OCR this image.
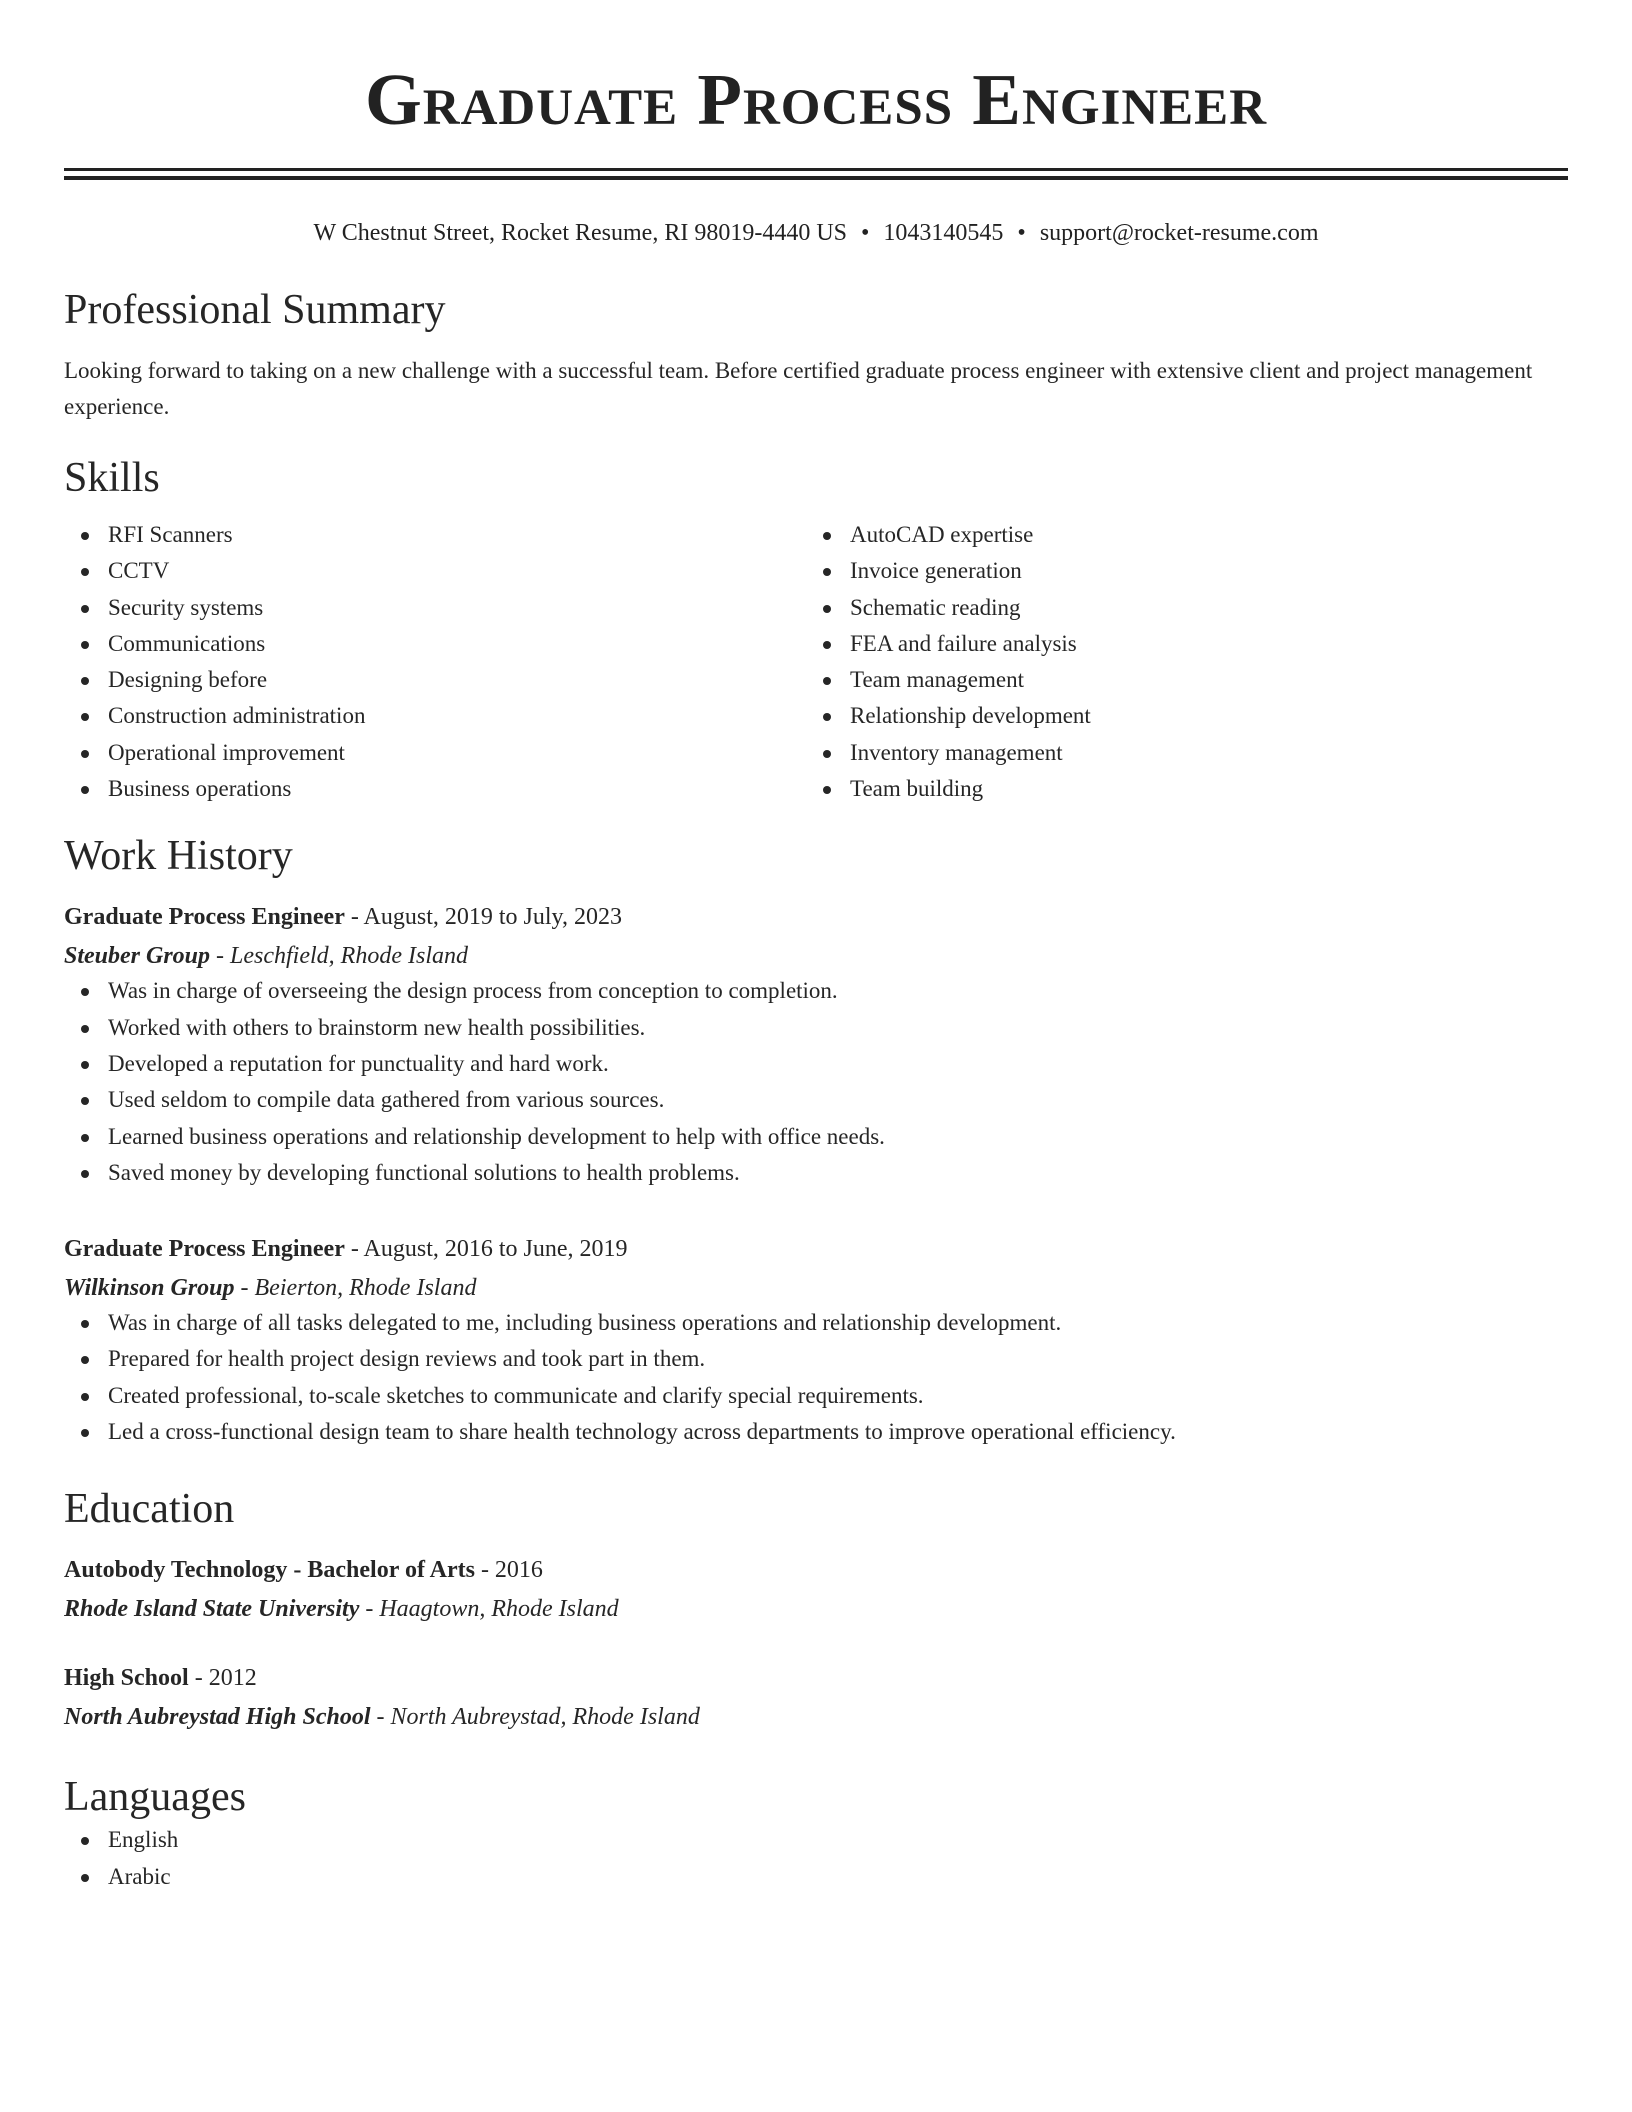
Graduate Process Engineer
W Chestnut Street, Rocket Resume, RI 98019-4440 US • 1043140545 • support@rocket-resume.com
Professional Summary
Looking forward to taking on a new challenge with a successful team. Before certified graduate process engineer with extensive client and project management experience.
Skills
RFI Scanners
CCTV
Security systems
Communications
Designing before
Construction administration
Operational improvement
Business operations
AutoCAD expertise
Invoice generation
Schematic reading
FEA and failure analysis
Team management
Relationship development
Inventory management
Team building
Work History
Graduate Process Engineer - August, 2019 to July, 2023
Steuber Group - Leschfield, Rhode Island
Was in charge of overseeing the design process from conception to completion.
Worked with others to brainstorm new health possibilities.
Developed a reputation for punctuality and hard work.
Used seldom to compile data gathered from various sources.
Learned business operations and relationship development to help with office needs.
Saved money by developing functional solutions to health problems.
Graduate Process Engineer - August, 2016 to June, 2019
Wilkinson Group - Beierton, Rhode Island
Was in charge of all tasks delegated to me, including business operations and relationship development.
Prepared for health project design reviews and took part in them.
Created professional, to-scale sketches to communicate and clarify special requirements.
Led a cross-functional design team to share health technology across departments to improve operational efficiency.
Education
Autobody Technology - Bachelor of Arts - 2016
Rhode Island State University - Haagtown, Rhode Island
High School - 2012
North Aubreystad High School - North Aubreystad, Rhode Island
Languages
English
Arabic
